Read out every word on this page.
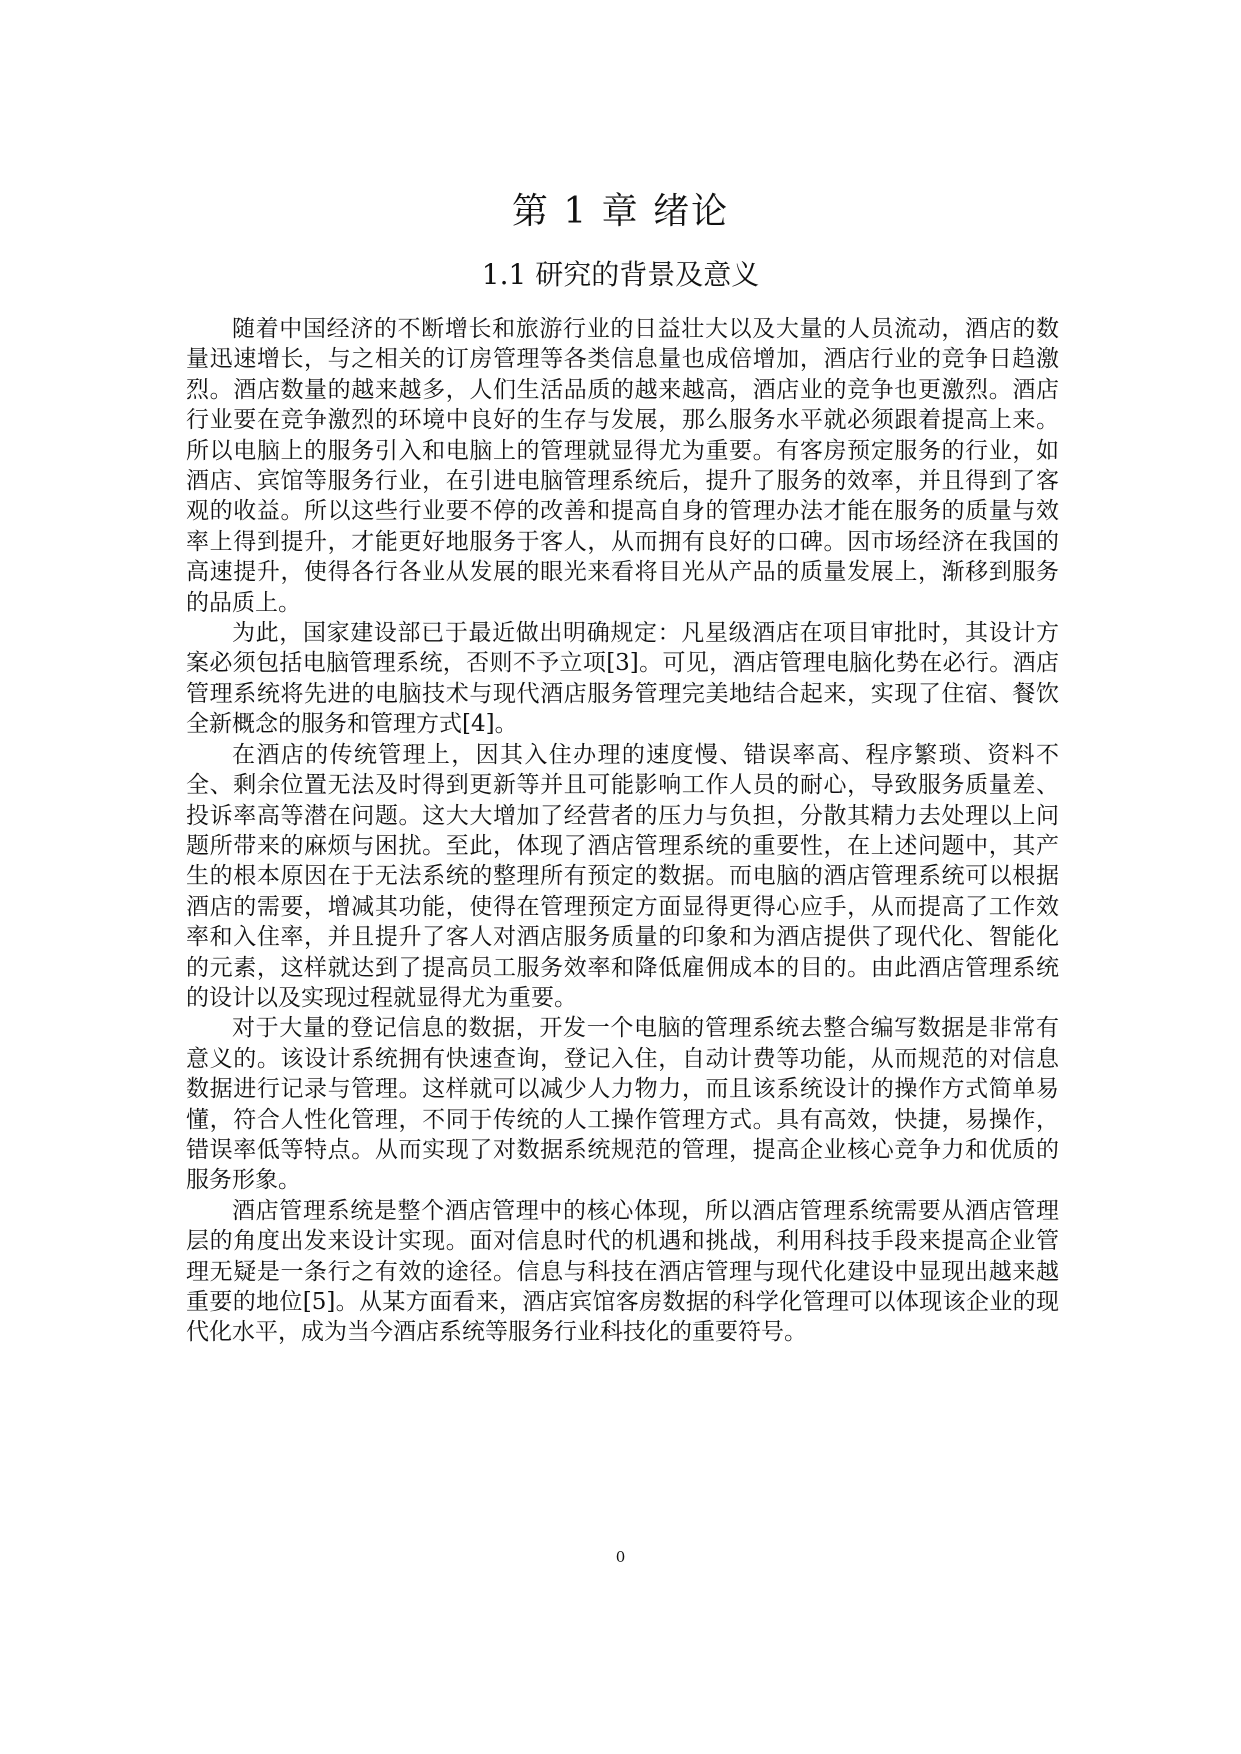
第 1 章 绪论
1.1 研究的背景及意义

随着中国经济的不断增长和旅游行业的日益壮大以及大量的人员流动，酒店的数量迅速增长，与之相关的订房管理等各类信息量也成倍增加，酒店行业的竞争日趋激烈。酒店数量的越来越多，人们生活品质的越来越高，酒店业的竞争也更激烈。酒店行业要在竞争激烈的环境中良好的生存与发展，那么服务水平就必须跟着提高上来。所以电脑上的服务引入和电脑上的管理就显得尤为重要。有客房预定服务的行业，如酒店、宾馆等服务行业，在引进电脑管理系统后，提升了服务的效率，并且得到了客观的收益。所以这些行业要不停的改善和提高自身的管理办法才能在服务的质量与效率上得到提升，才能更好地服务于客人，从而拥有良好的口碑。因市场经济在我国的高速提升，使得各行各业从发展的眼光来看将目光从产品的质量发展上，渐移到服务的品质上。

为此，国家建设部已于最近做出明确规定：凡星级酒店在项目审批时，其设计方案必须包括电脑管理系统，否则不予立项[3]。可见，酒店管理电脑化势在必行。酒店管理系统将先进的电脑技术与现代酒店服务管理完美地结合起来，实现了住宿、餐饮全新概念的服务和管理方式[4]。

在酒店的传统管理上，因其入住办理的速度慢、错误率高、程序繁琐、资料不全、剩余位置无法及时得到更新等并且可能影响工作人员的耐心，导致服务质量差、投诉率高等潜在问题。这大大增加了经营者的压力与负担，分散其精力去处理以上问题所带来的麻烦与困扰。至此，体现了酒店管理系统的重要性，在上述问题中，其产生的根本原因在于无法系统的整理所有预定的数据。而电脑的酒店管理系统可以根据酒店的需要，增减其功能，使得在管理预定方面显得更得心应手，从而提高了工作效率和入住率，并且提升了客人对酒店服务质量的印象和为酒店提供了现代化、智能化的元素，这样就达到了提高员工服务效率和降低雇佣成本的目的。由此酒店管理系统的设计以及实现过程就显得尤为重要。

对于大量的登记信息的数据，开发一个电脑的管理系统去整合编写数据是非常有意义的。该设计系统拥有快速查询，登记入住，自动计费等功能，从而规范的对信息数据进行记录与管理。这样就可以减少人力物力，而且该系统设计的操作方式简单易懂，符合人性化管理，不同于传统的人工操作管理方式。具有高效，快捷，易操作，错误率低等特点。从而实现了对数据系统规范的管理，提高企业核心竞争力和优质的服务形象。

酒店管理系统是整个酒店管理中的核心体现，所以酒店管理系统需要从酒店管理层的角度出发来设计实现。面对信息时代的机遇和挑战，利用科技手段来提高企业管理无疑是一条行之有效的途径。信息与科技在酒店管理与现代化建设中显现出越来越重要的地位[5]。从某方面看来，酒店宾馆客房数据的科学化管理可以体现该企业的现代化水平，成为当今酒店系统等服务行业科技化的重要符号。

0
